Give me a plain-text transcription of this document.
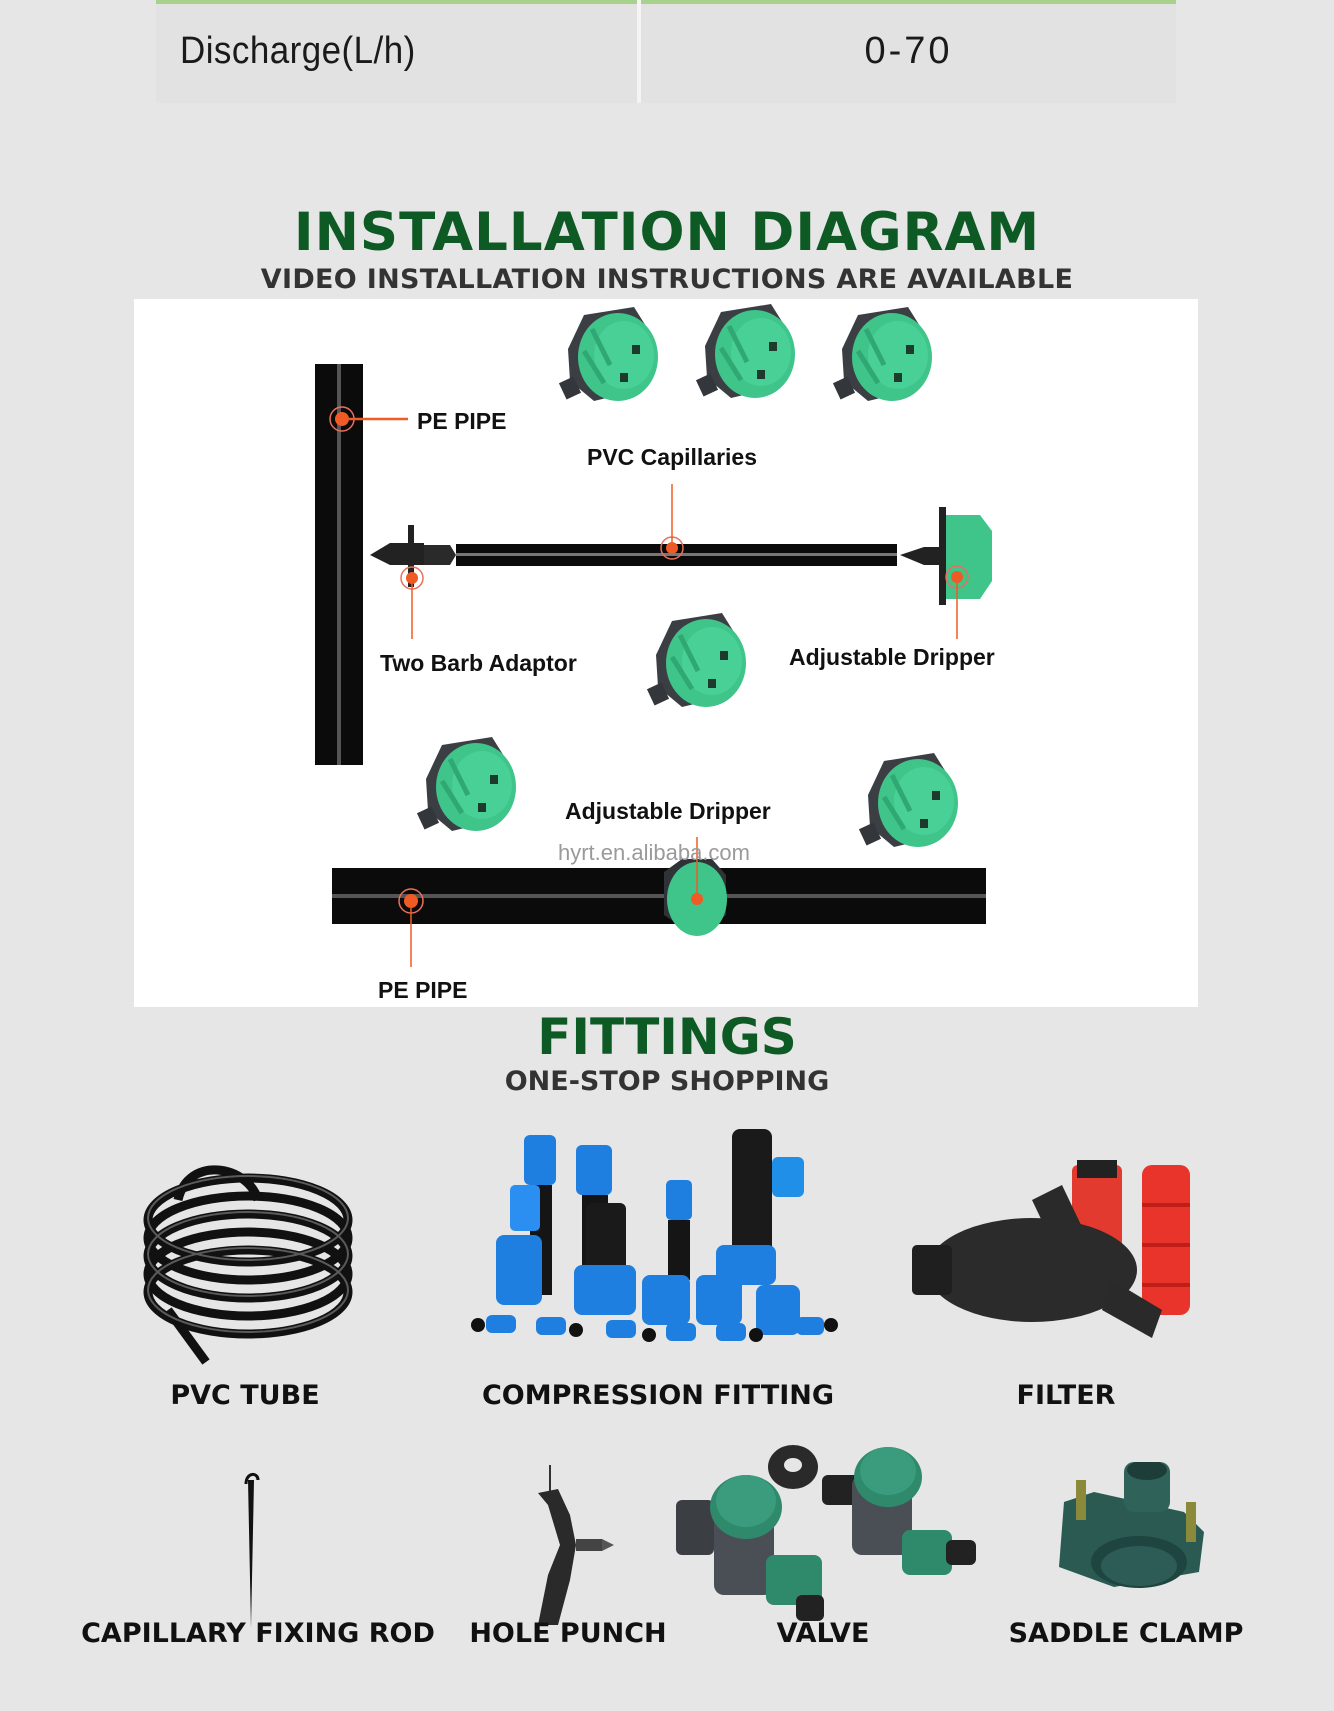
Discharge(L/h)	0-70
INSTALLATION DIAGRAM
VIDEO INSTALLATION INSTRUCTIONS ARE AVAILABLE
PE PIPE
PVC Capillaries
Two Barb Adaptor	Adjustable Dripper
Adjustable Dripper
hyrt.en.alibaba.com
PE PIPE
FITTINGS
ONE-STOP SHOPPING
PVC TUBE	COMPRESSION FITTING	FILTER
CAPILLARY FIXING ROD HOLE PUNCH	VALVE	SADDLE CLAMP
